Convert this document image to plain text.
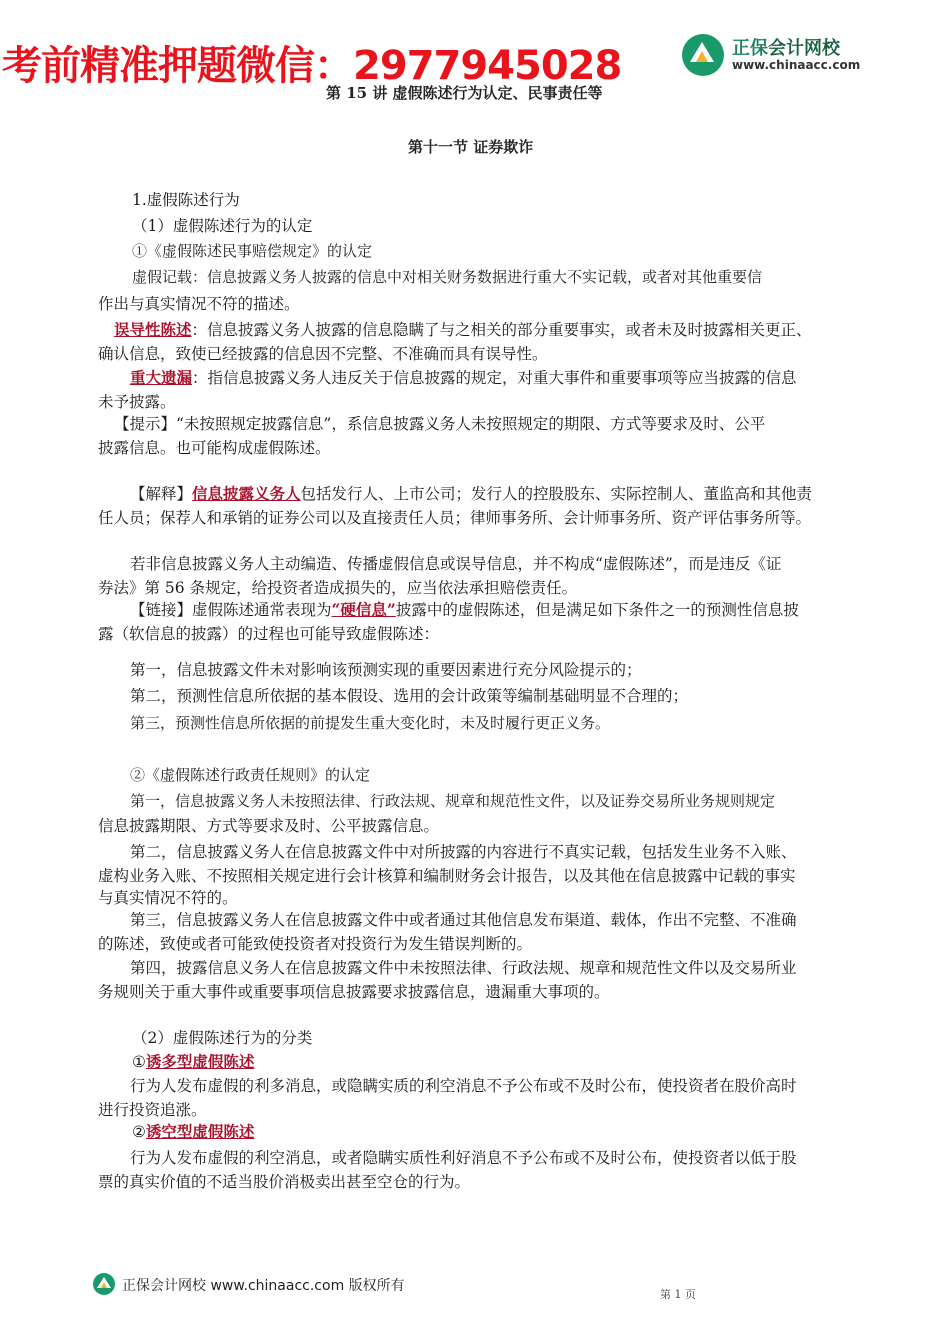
考前精准押题微信：2977945028	正保会计网校
www.chinaacc.com
第 15 讲 虚假陈述行为认定、民事责任等
第十一节 证券欺诈
1.虚假陈述行为
（1）虚假陈述行为的认定
①《虚假陈述民事赔偿规定》的认定
虚假记载：信息披露义务人披露的信息中对相关财务数据进行重大不实记载，或者对其他重要信
作出与真实情况不符的描述。
误导性陈述：信息披露义务人披露的信息隐瞒了与之相关的部分重要事实，或者未及时披露相关更正、
确认信息，致使已经披露的信息因不完整、不准确而具有误导性。
重大遗漏：指信息披露义务人违反关于信息披露的规定，对重大事件和重要事项等应当披露的信息
未予披露。
【提示】“未按照规定披露信息”，系信息披露义务人未按照规定的期限、方式等要求及时、公平
披露信息。也可能构成虚假陈述。
【解释】信息披露义务人包括发行人、上市公司；发行人的控股股东、实际控制人、董监高和其他责
任人员；保荐人和承销的证券公司以及直接责任人员；律师事务所、会计师事务所、资产评估事务所等。
若非信息披露义务人主动编造、传播虚假信息或误导信息，并不构成“虚假陈述”，而是违反《证
券法》第 56 条规定，给投资者造成损失的，应当依法承担赔偿责任。
【链接】虚假陈述通常表现为“硬信息”披露中的虚假陈述，但是满足如下条件之一的预测性信息披
露（软信息的披露）的过程也可能导致虚假陈述：
第一，信息披露文件未对影响该预测实现的重要因素进行充分风险提示的；
第二，预测性信息所依据的基本假设、选用的会计政策等编制基础明显不合理的；
第三，预测性信息所依据的前提发生重大变化时，未及时履行更正义务。
②《虚假陈述行政责任规则》的认定
第一，信息披露义务人未按照法律、行政法规、规章和规范性文件，以及证券交易所业务规则规定
信息披露期限、方式等要求及时、公平披露信息。
第二，信息披露义务人在信息披露文件中对所披露的内容进行不真实记载，包括发生业务不入账、
虚构业务入账、不按照相关规定进行会计核算和编制财务会计报告，以及其他在信息披露中记载的事实
与真实情况不符的。
第三，信息披露义务人在信息披露文件中或者通过其他信息发布渠道、载体，作出不完整、不准确
的陈述，致使或者可能致使投资者对投资行为发生错误判断的。
第四，披露信息义务人在信息披露文件中未按照法律、行政法规、规章和规范性文件以及交易所业
务规则关于重大事件或重要事项信息披露要求披露信息，遗漏重大事项的。
（2）虚假陈述行为的分类
①诱多型虚假陈述
行为人发布虚假的利多消息，或隐瞒实质的利空消息不予公布或不及时公布，使投资者在股价高时
进行投资追涨。
②诱空型虚假陈述
行为人发布虚假的利空消息，或者隐瞒实质性利好消息不予公布或不及时公布，使投资者以低于股
票的真实价值的不适当股价消极卖出甚至空仓的行为。
正保会计网校 www.chinaacc.com 版权所有
第 1 页
